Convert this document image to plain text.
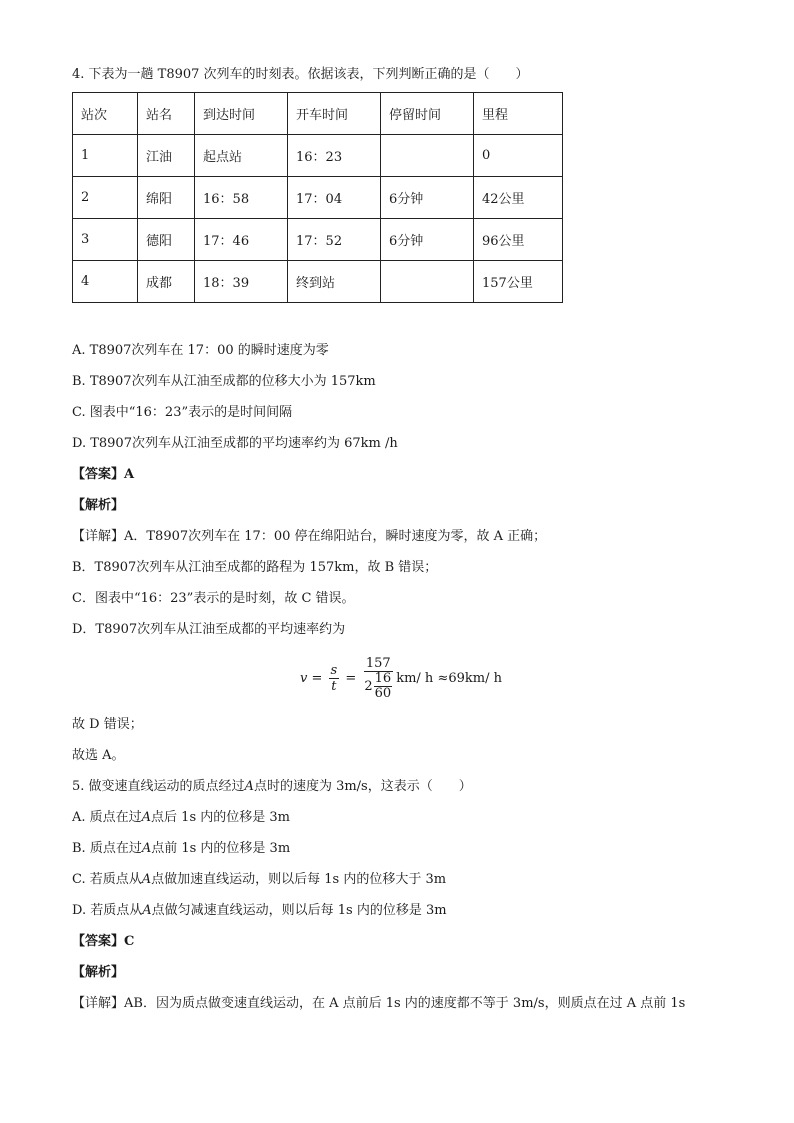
4. 下表为一趟 T8907 次列车的时刻表。依据该表，下列判断正确的是（　　）
站次	站名	到达时间	开车时间	停留时间	里程
1	江油	起点站	16：23		0
2	绵阳	16：58	17：04	6分钟	42公里
3	德阳	17：46	17：52	6分钟	96公里
4	成都	18：39	终到站		157公里
A. T8907次列车在 17：00 的瞬时速度为零
B. T8907次列车从江油至成都的位移大小为 157km
C. 图表中“16：23”表示的是时间间隔
D. T8907次列车从江油至成都的平均速率约为 67km /h
【答案】A
【解析】
【详解】A．T8907次列车在 17：00 停在绵阳站台，瞬时速度为零，故 A 正确；
B．T8907次列车从江油至成都的路程为 157km，故 B 错误；
C．图表中“16：23”表示的是时刻，故 C 错误。
D．T8907次列车从江油至成都的平均速率约为
$v = \frac{s}{t} = \frac{157}{2 \frac{16}{60}} km/$ h
≈ 69 km/ h
故 D 错误；
故选 A。
5. 做变速直线运动的质点经过A点时的速度为 3m/s，这表示（　　）
A. 质点在过A点后 1s 内的位移是 3m
B. 质点在过A点前 1s 内的位移是 3m
C. 若质点从A点做加速直线运动，则以后每 1s 内的位移大于 3m
D. 若质点从A点做匀减速直线运动，则以后每 1s 内的位移是 3m
【答案】C
【解析】
【详解】AB．因为质点做变速直线运动，在 A 点前后 1s 内的速度都不等于 3m/s，则质点在过 A 点前 1s
